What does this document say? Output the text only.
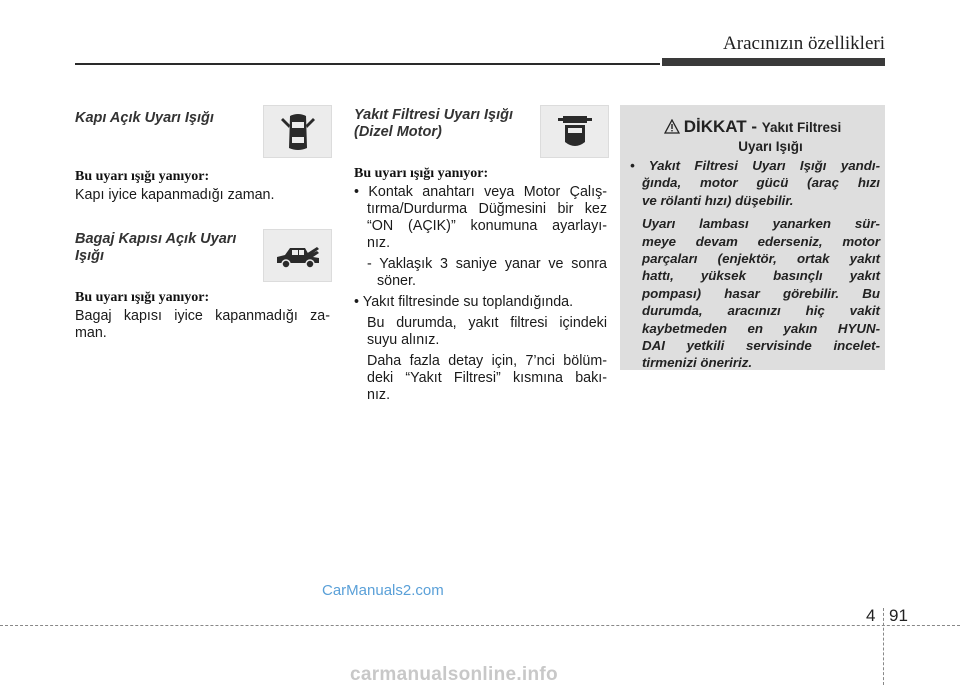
Aracınızın özellikleri
Kapı Açık Uyarı Işığı
Bu uyarı ışığı yanıyor:
Kapı iyice kapanmadığı zaman.
Bagaj Kapısı Açık Uyarı
Işığı
Bu uyarı ışığı yanıyor:
Bagaj kapısı iyice kapanmadığı za-
man.
Yakıt Filtresi Uyarı Işığı
(Dizel Motor)
Bu uyarı ışığı yanıyor:
• Kontak anahtarı veya Motor Çalış-
tırma/Durdurma Düğmesini bir kez
“ON (AÇIK)” konumuna ayarlayı-
nız.
- Yaklaşık 3 saniye yanar ve sonra
söner.
• Yakıt filtresinde su toplandığında.
Bu durumda, yakıt filtresi içindeki
suyu alınız.
Daha fazla detay için, 7’nci bölüm-
deki “Yakıt Filtresi” kısmına bakı-
nız.
DİKKAT - Yakıt Filtresi
Uyarı Işığı

• Yakıt Filtresi Uyarı Işığı yandı-
ğında, motor gücü (araç hızı
ve rölanti hızı) düşebilir.

Uyarı lambası yanarken sür-
meye devam ederseniz, motor
parçaları (enjektör, ortak yakıt
hattı, yüksek basınçlı yakıt
pompası) hasar görebilir. Bu
durumda, aracınızı hiç vakit
kaybetmeden en yakın HYUN-
DAI yetkili servisinde incelet-
tirmenizi öneririz.

CarManuals2.com
4 91
carmanualsonline.info
